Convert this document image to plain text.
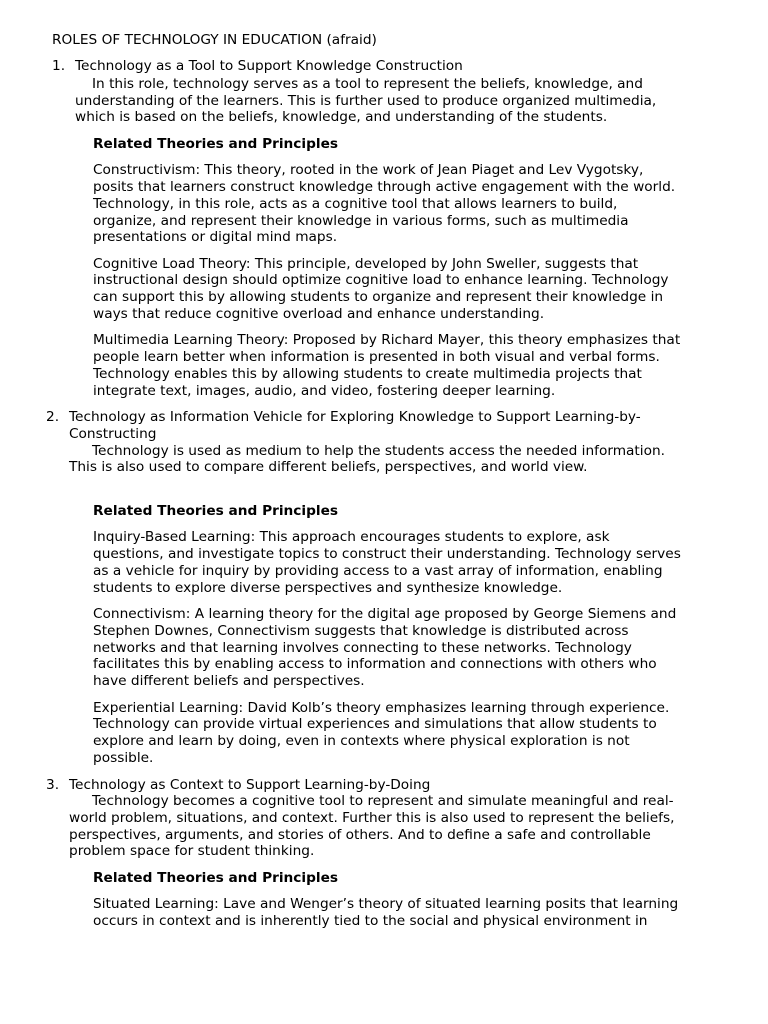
ROLES OF TECHNOLOGY IN EDUCATION (afraid)
1. Technology as a Tool to Support Knowledge Construction
In this role, technology serves as a tool to represent the beliefs, knowledge, and
understanding of the learners. This is further used to produce organized multimedia,
which is based on the beliefs, knowledge, and understanding of the students.
Related Theories and Principles
Constructivism: This theory, rooted in the work of Jean Piaget and Lev Vygotsky,
posits that learners construct knowledge through active engagement with the world.
Technology, in this role, acts as a cognitive tool that allows learners to build,
organize, and represent their knowledge in various forms, such as multimedia
presentations or digital mind maps.
Cognitive Load Theory: This principle, developed by John Sweller, suggests that
instructional design should optimize cognitive load to enhance learning. Technology
can support this by allowing students to organize and represent their knowledge in
ways that reduce cognitive overload and enhance understanding.
Multimedia Learning Theory: Proposed by Richard Mayer, this theory emphasizes that
people learn better when information is presented in both visual and verbal forms.
Technology enables this by allowing students to create multimedia projects that
integrate text, images, audio, and video, fostering deeper learning.
2. Technology as Information Vehicle for Exploring Knowledge to Support Learning-by-
Constructing
Technology is used as medium to help the students access the needed information.
This is also used to compare different beliefs, perspectives, and world view.
Related Theories and Principles
Inquiry-Based Learning: This approach encourages students to explore, ask
questions, and investigate topics to construct their understanding. Technology serves
as a vehicle for inquiry by providing access to a vast array of information, enabling
students to explore diverse perspectives and synthesize knowledge.
Connectivism: A learning theory for the digital age proposed by George Siemens and
Stephen Downes, Connectivism suggests that knowledge is distributed across
networks and that learning involves connecting to these networks. Technology
facilitates this by enabling access to information and connections with others who
have different beliefs and perspectives.
Experiential Learning: David Kolb’s theory emphasizes learning through experience.
Technology can provide virtual experiences and simulations that allow students to
explore and learn by doing, even in contexts where physical exploration is not
possible.
3. Technology as Context to Support Learning-by-Doing
Technology becomes a cognitive tool to represent and simulate meaningful and real-
world problem, situations, and context. Further this is also used to represent the beliefs,
perspectives, arguments, and stories of others. And to define a safe and controllable
problem space for student thinking.
Related Theories and Principles
Situated Learning: Lave and Wenger’s theory of situated learning posits that learning
occurs in context and is inherently tied to the social and physical environment in
